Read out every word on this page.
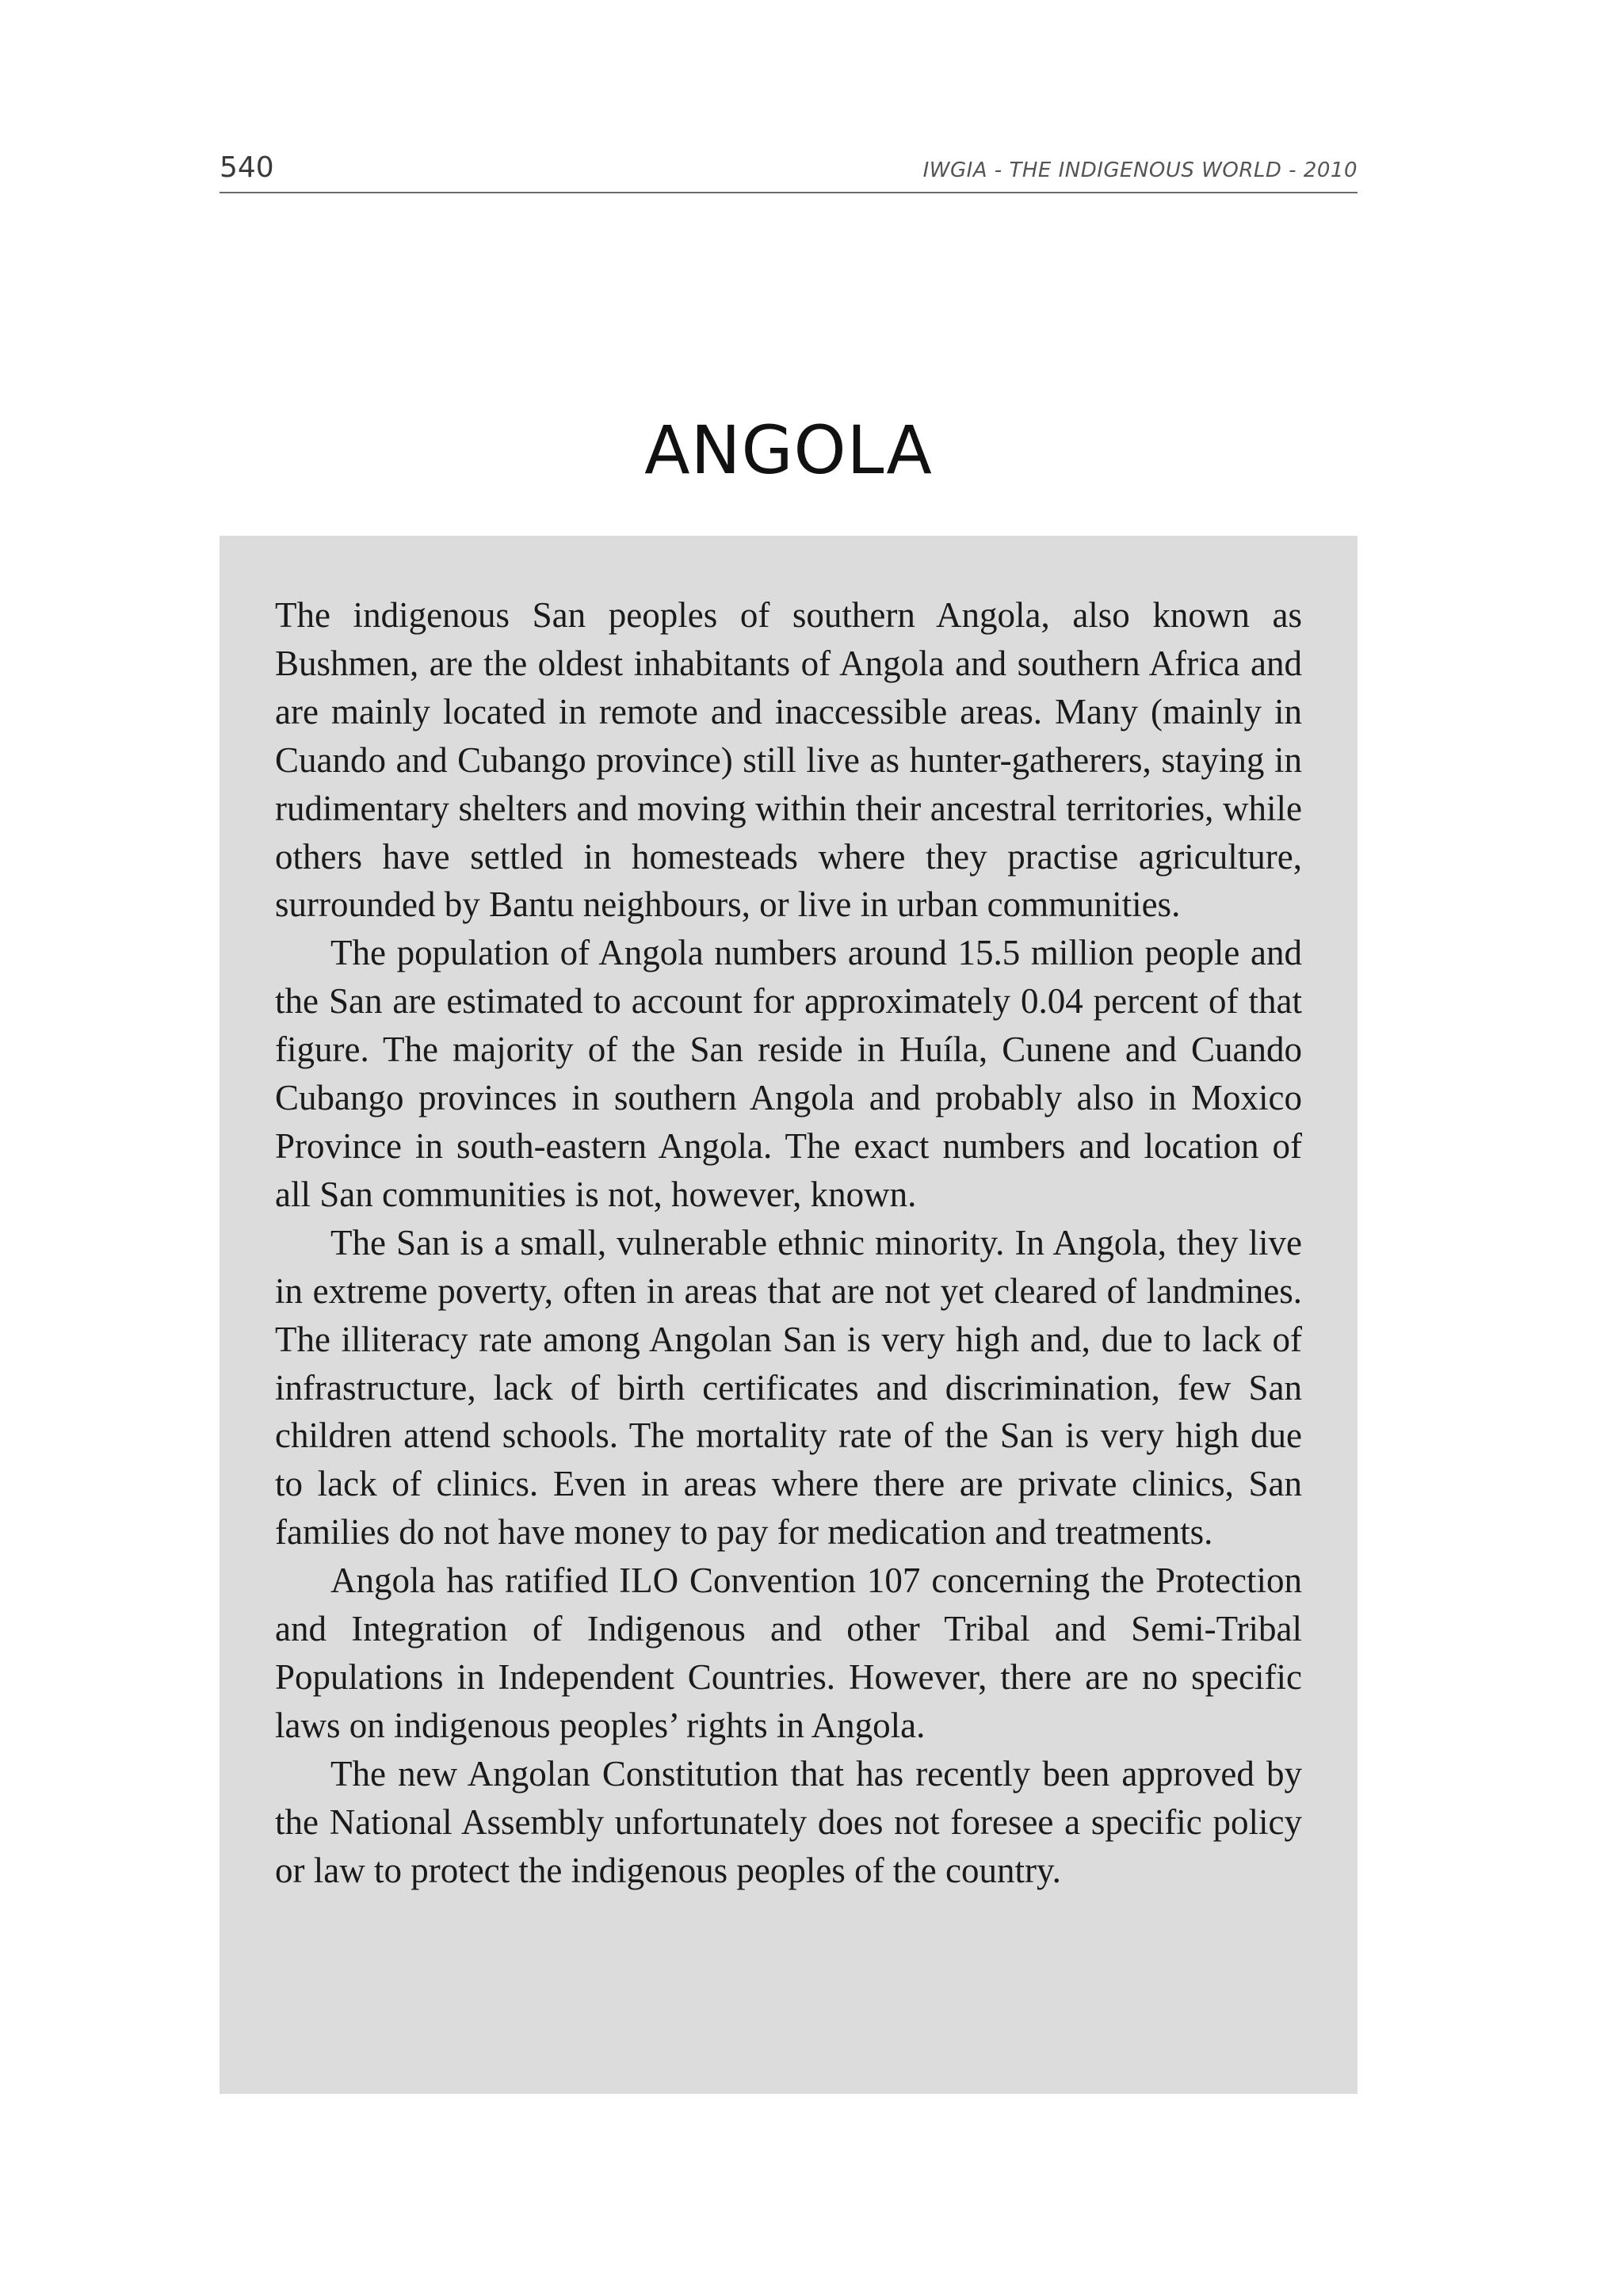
540	IWGIA - THE INDIGENOUS WORLD - 2010
ANGOLA

The indigenous San peoples of southern Angola, also known as Bushmen, are the oldest inhabitants of Angola and southern Africa and are mainly located in remote and inaccessible areas. Many (mainly in Cuando and Cubango province) still live as hunter-gatherers, staying in rudimentary shelters and moving within their ancestral territories, while others have settled in homesteads where they practise agriculture, surrounded by Bantu neighbours, or live in urban communities.

The population of Angola numbers around 15.5 million people and the San are estimated to account for approximately 0.04 percent of that figure. The majority of the San reside in Huíla, Cunene and Cuando Cubango provinces in southern Angola and probably also in Moxico Province in south-eastern Angola. The exact numbers and location of all San communities is not, however, known.

The San is a small, vulnerable ethnic minority. In Angola, they live in extreme poverty, often in areas that are not yet cleared of landmines. The illiteracy rate among Angolan San is very high and, due to lack of infrastructure, lack of birth certificates and discrimination, few San children attend schools. The mortality rate of the San is very high due to lack of clinics. Even in areas where there are private clinics, San families do not have money to pay for medication and treatments.

Angola has ratified ILO Convention 107 concerning the Protection and Integration of Indigenous and other Tribal and Semi-Tribal Populations in Independent Countries. However, there are no specific laws on indigenous peoples’ rights in Angola.

The new Angolan Constitution that has recently been approved by the National Assembly unfortunately does not foresee a specific policy or law to protect the indigenous peoples of the country.
